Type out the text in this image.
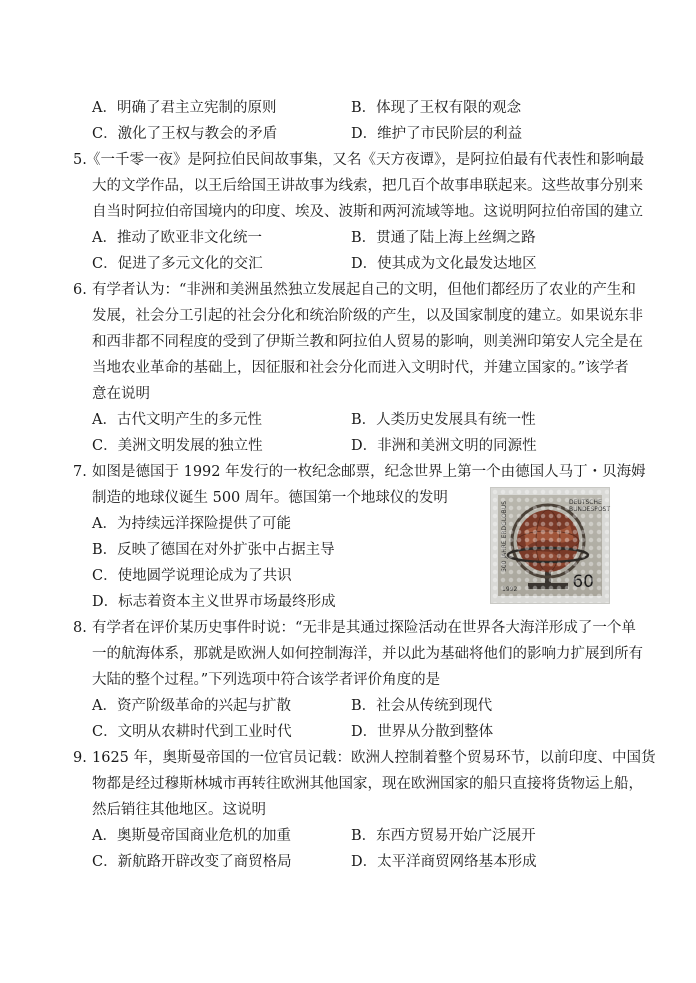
A．明确了君主立宪制的原则	B．体现了王权有限的观念
C．激化了王权与教会的矛盾	D．维护了市民阶层的利益
5. 《一千零一夜》是阿拉伯民间故事集，又名《天方夜谭》，是阿拉伯最有代表性和影响最
大的文学作品，以王后给国王讲故事为线索，把几百个故事串联起来。这些故事分别来
自当时阿拉伯帝国境内的印度、埃及、波斯和两河流域等地。这说明阿拉伯帝国的建立
A．推动了欧亚非文化统一	B．贯通了陆上海上丝绸之路
C．促进了多元文化的交汇	D．使其成为文化最发达地区
6. 有学者认为：“非洲和美洲虽然独立发展起自己的文明，但他们都经历了农业的产生和
发展，社会分工引起的社会分化和统治阶级的产生，以及国家制度的建立。如果说东非
和西非都不同程度的受到了伊斯兰教和阿拉伯人贸易的影响，则美洲印第安人完全是在
当地农业革命的基础上，因征服和社会分化而进入文明时代，并建立国家的。”该学者
意在说明
A．古代文明产生的多元性	B．人类历史发展具有统一性
C．美洲文明发展的独立性	D．非洲和美洲文明的同源性
7. 如图是德国于 1992 年发行的一枚纪念邮票，纪念世界上第一个由德国人马丁・贝海姆
制造的地球仪诞生 500 周年。德国第一个地球仪的发明
A．为持续远洋探险提供了可能
B．反映了德国在对外扩张中占据主导
C．使地圆学说理论成为了共识
D．标志着资本主义世界市场最终形成
500 JAHRE ERDGLOBUS	DEUTSCHE BUNDESPOST
1992	60
8. 有学者在评价某历史事件时说：“无非是其通过探险活动在世界各大海洋形成了一个单
一的航海体系，那就是欧洲人如何控制海洋，并以此为基础将他们的影响力扩展到所有
大陆的整个过程。”下列选项中符合该学者评价角度的是
A．资产阶级革命的兴起与扩散	B．社会从传统到现代
C．文明从农耕时代到工业时代	D．世界从分散到整体
9. 1625 年，奥斯曼帝国的一位官员记载：欧洲人控制着整个贸易环节，以前印度、中国货
物都是经过穆斯林城市再转往欧洲其他国家，现在欧洲国家的船只直接将货物运上船，
然后销往其他地区。这说明
A．奥斯曼帝国商业危机的加重	B．东西方贸易开始广泛展开
C．新航路开辟改变了商贸格局	D．太平洋商贸网络基本形成
